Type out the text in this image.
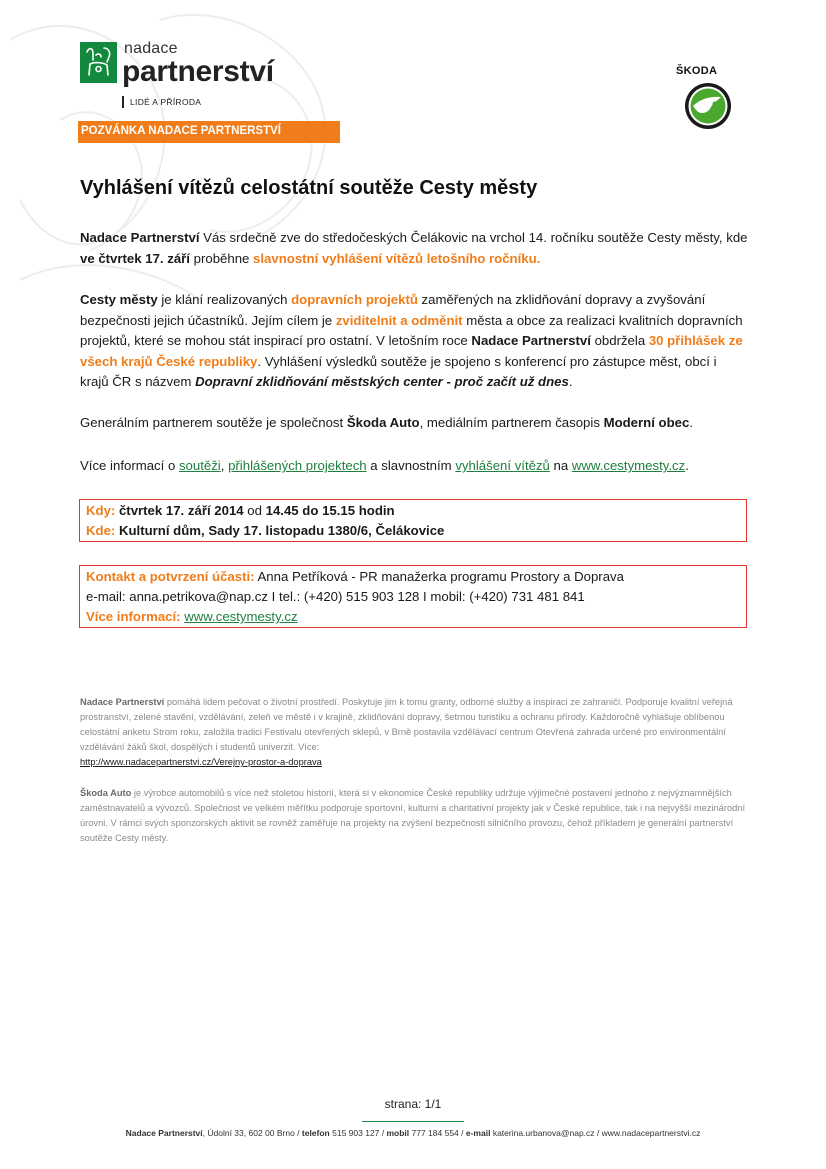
nadace
partnerství
LIDÉ A PŘÍRODA
ŠKODA
POZVÁNKA NADACE PARTNERSTVÍ
Vyhlášení vítězů celostátní soutěže Cesty městy
Nadace Partnerství Vás srdečně zve do středočeských Čelákovic na vrchol 14. ročníku soutěže Cesty městy, kde ve čtvrtek 17. září proběhne slavnostní vyhlášení vítězů letošního ročníku.
Cesty městy je klání realizovaných dopravních projektů zaměřených na zklidňování dopravy a zvyšování bezpečnosti jejich účastníků. Jejím cílem je zviditelnit a odměnit města a obce za realizaci kvalitních dopravních projektů, které se mohou stát inspirací pro ostatní. V letošním roce Nadace Partnerství obdržela 30 přihlášek ze všech krajů České republiky. Vyhlášení výsledků soutěže je spojeno s konferencí pro zástupce měst, obcí i krajů ČR s názvem Dopravní zklidňování městských center - proč začít už dnes.
Generálním partnerem soutěže je společnost Škoda Auto, mediálním partnerem časopis Moderní obec.
Více informací o soutěži, přihlášených projektech a slavnostním vyhlášení vítězů na www.cestymesty.cz.
Kdy: čtvrtek 17. září 2014 od 14.45 do 15.15 hodin
Kde: Kulturní dům, Sady 17. listopadu 1380/6, Čelákovice
Kontakt a potvrzení účasti: Anna Petříková - PR manažerka programu Prostory a Doprava
e-mail: anna.petrikova@nap.cz I tel.: (+420) 515 903 128 I mobil: (+420) 731 481 841
Více informací: www.cestymesty.cz
Nadace Partnerství pomáhá lidem pečovat o životní prostředí. Poskytuje jim k tomu granty, odborné služby a inspiraci ze zahraničí. Podporuje kvalitní veřejná prostranství, zelené stavění, vzdělávání, zeleň ve městě i v krajině, zklidňování dopravy, šetrnou turistiku a ochranu přírody. Každoročně vyhlašuje oblíbenou celostátní anketu Strom roku, založila tradici Festivalu otevřených sklepů, v Brně postavila vzdělávací centrum Otevřená zahrada určené pro environmentální vzdělávání žáků škol, dospělých i studentů univerzit. Více:
http://www.nadacepartnerstvi.cz/Verejny-prostor-a-doprava
Škoda Auto je výrobce automobilů s více než stoletou historií, která si v ekonomice České republiky udržuje výjimečné postavení jednoho z nejvýznamnějších zaměstnavatelů a vývozců. Společnost ve velkém měřítku podporuje sportovní, kulturní a charitativní projekty jak v České republice, tak i na nejvyšší mezinárodní úrovni. V rámci svých sponzorských aktivit se rovněž zaměřuje na projekty na zvýšení bezpečnosti silničního provozu, čehož příkladem je generální partnerství soutěže Cesty městy.
strana: 1/1
Nadace Partnerství, Údolní 33, 602 00 Brno / telefon 515 903 127 / mobil 777 184 554 / e-mail katerina.urbanova@nap.cz / www.nadacepartnerstvi.cz
